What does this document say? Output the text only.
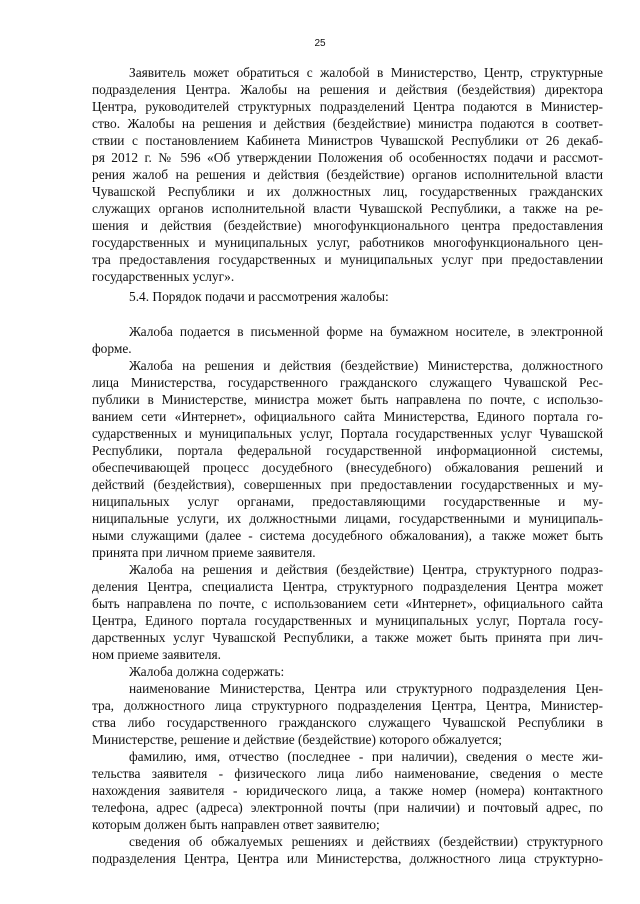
25
Заявитель может обратиться с жалобой в Министерство, Центр, структурные
подразделения Центра. Жалобы на решения и действия (бездействия) директора
Центра, руководителей структурных подразделений Центра подаются в Министер-
ство. Жалобы на решения и действия (бездействие) министра подаются в соответ-
ствии с постановлением Кабинета Министров Чувашской Республики от 26 декаб-
ря 2012 г. № 596 «Об утверждении Положения об особенностях подачи и рассмот-
рения жалоб на решения и действия (бездействие) органов исполнительной власти
Чувашской Республики и их должностных лиц, государственных гражданских
служащих органов исполнительной власти Чувашской Республики, а также на ре-
шения и действия (бездействие) многофункционального центра предоставления
государственных и муниципальных услуг, работников многофункционального цен-
тра предоставления государственных и муниципальных услуг при предоставлении
государственных услуг».
5.4. Порядок подачи и рассмотрения жалобы:
Жалоба подается в письменной форме на бумажном носителе, в электронной
форме.
Жалоба на решения и действия (бездействие) Министерства, должностного
лица Министерства, государственного гражданского служащего Чувашской Рес-
публики в Министерстве, министра может быть направлена по почте, с использо-
ванием сети «Интернет», официального сайта Министерства, Единого портала го-
сударственных и муниципальных услуг, Портала государственных услуг Чувашской
Республики, портала федеральной государственной информационной системы,
обеспечивающей процесс досудебного (внесудебного) обжалования решений и
действий (бездействия), совершенных при предоставлении государственных и му-
ниципальных услуг органами, предоставляющими государственные и му-
ниципальные услуги, их должностными лицами, государственными и муниципаль-
ными служащими (далее - система досудебного обжалования), а также может быть
принята при личном приеме заявителя.
Жалоба на решения и действия (бездействие) Центра, структурного подраз-
деления Центра, специалиста Центра, структурного подразделения Центра может
быть направлена по почте, с использованием сети «Интернет», официального сайта
Центра, Единого портала государственных и муниципальных услуг, Портала госу-
дарственных услуг Чувашской Республики, а также может быть принята при лич-
ном приеме заявителя.
Жалоба должна содержать:
наименование Министерства, Центра или структурного подразделения Цен-
тра, должностного лица структурного подразделения Центра, Центра, Министер-
ства либо государственного гражданского служащего Чувашской Республики в
Министерстве, решение и действие (бездействие) которого обжалуется;
фамилию, имя, отчество (последнее - при наличии), сведения о месте жи-
тельства заявителя - физического лица либо наименование, сведения о месте
нахождения заявителя - юридического лица, а также номер (номера) контактного
телефона, адрес (адреса) электронной почты (при наличии) и почтовый адрес, по
которым должен быть направлен ответ заявителю;
сведения об обжалуемых решениях и действиях (бездействии) структурного
подразделения Центра, Центра или Министерства, должностного лица структурно-
